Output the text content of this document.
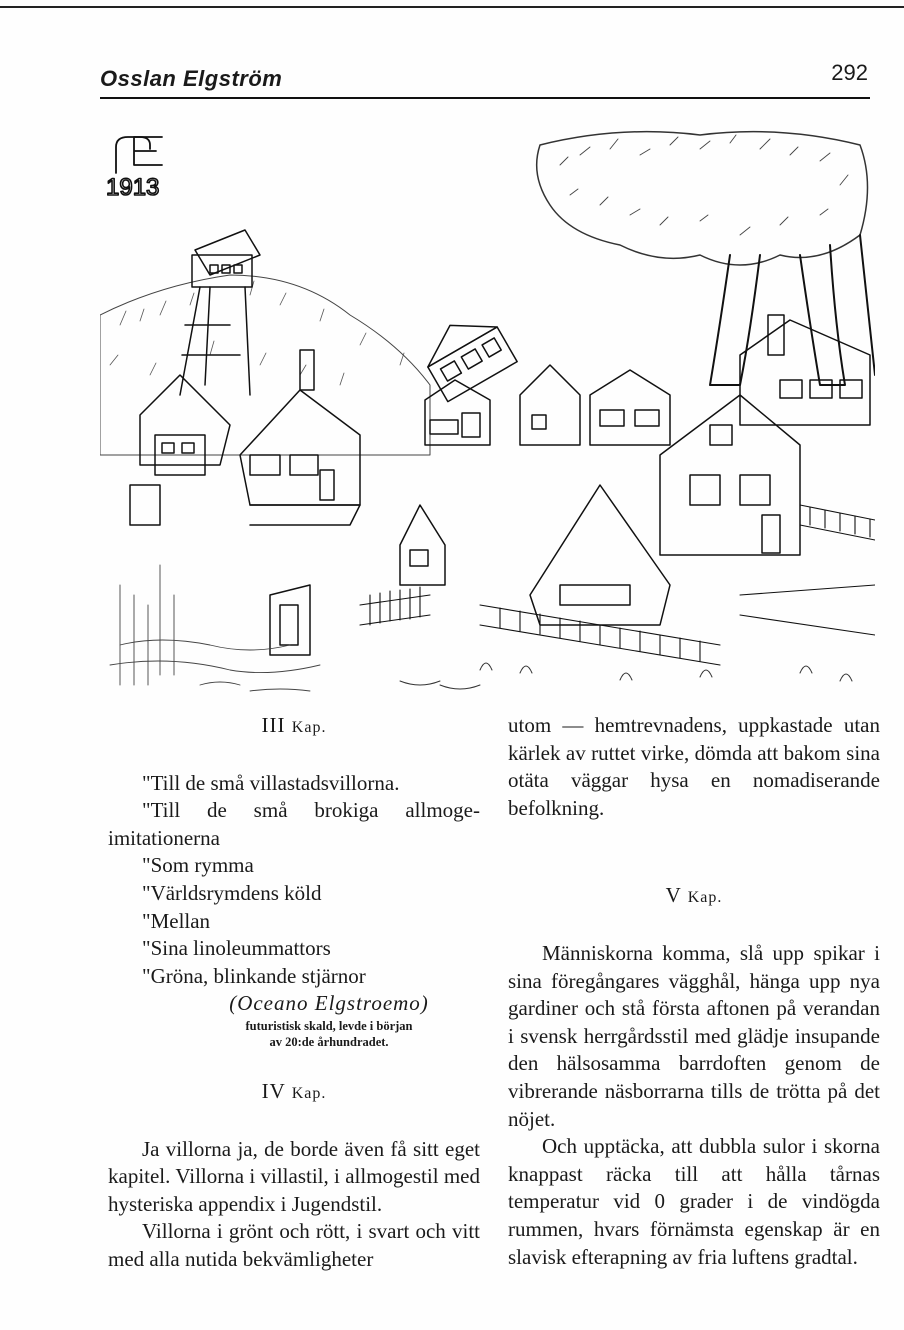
Osslan Elgström	292
1913
III Kap.

"Till de små villastadsvillorna.

"Till de små brokiga allmoge-

imitationerna

"Som rymma

"Världsrymdens köld

"Mellan

"Sina linoleummattors

"Gröna, blinkande stjärnor

(Oceano Elgstroemo)
futuristisk skald, levde i början
av 20:de århundradet.
IV Kap.

Ja villorna ja, de borde även få sitt eget kapitel. Villorna i villastil, i allmogestil med hysteriska appendix i Jugendstil.

Villorna i grönt och rött, i svart och vitt med alla nutida bekvämligheter

utom — hemtrevnadens, uppkastade utan kärlek av ruttet virke, dömda att bakom sina otäta väggar hysa en nomadiserande befolkning.

V Kap.

Människorna komma, slå upp spikar i sina föregångares vägghål, hänga upp nya gardiner och stå första aftonen på verandan i svensk herrgårdsstil med glädje insupande den hälsosamma barrdoften genom de vibrerande näsborrarna tills de trötta på det nöjet.

Och upptäcka, att dubbla sulor i skorna knappast räcka till att hålla tårnas temperatur vid 0 grader i de vindögda rummen, hvars förnämsta egenskap är en slavisk efterapning av fria luftens gradtal.
